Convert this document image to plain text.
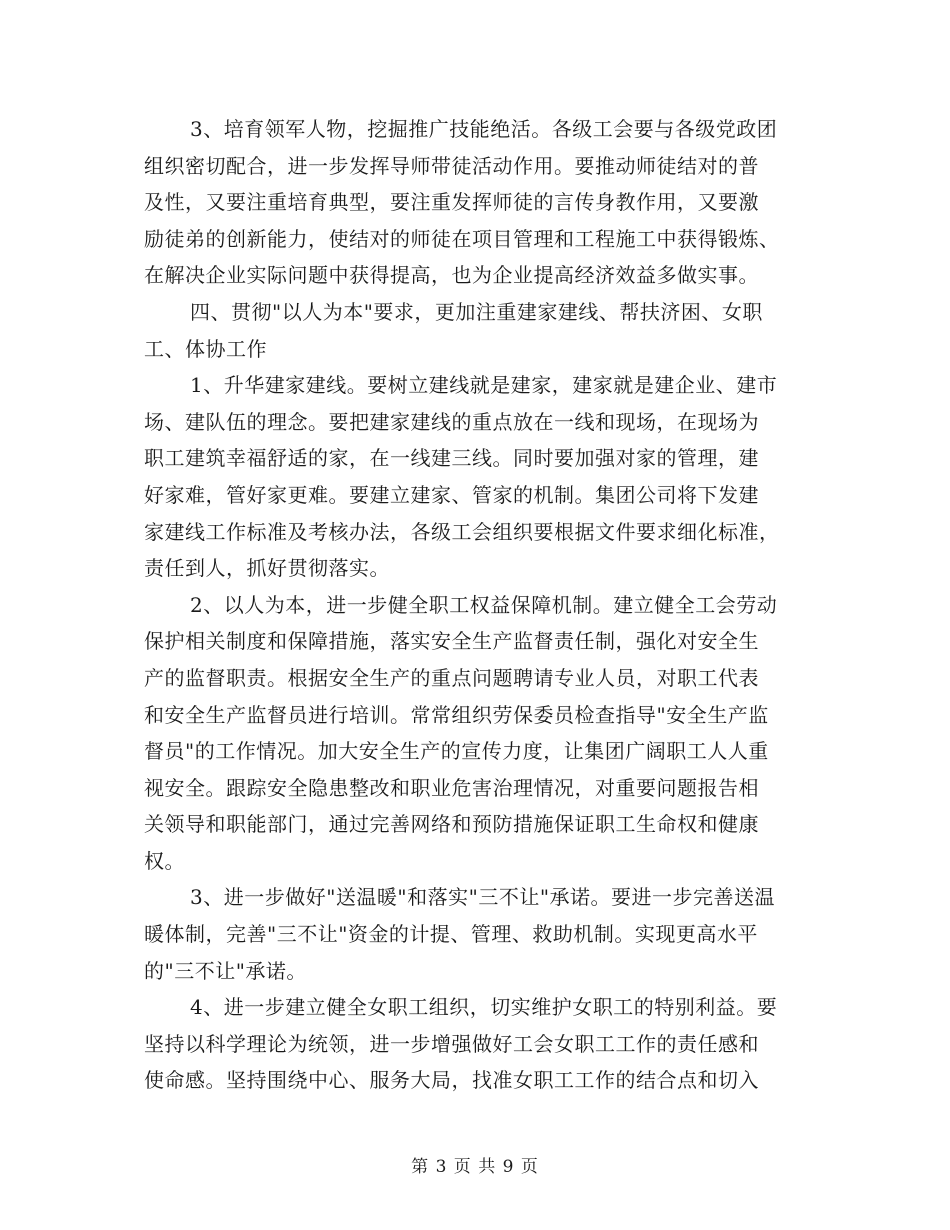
3、培育领军人物，挖掘推广技能绝活。各级工会要与各级党政团
组织密切配合，进一步发挥导师带徒活动作用。要推动师徒结对的普
及性，又要注重培育典型，要注重发挥师徒的言传身教作用，又要激
励徒弟的创新能力，使结对的师徒在项目管理和工程施工中获得锻炼、
在解决企业实际问题中获得提高，也为企业提高经济效益多做实事。

四、贯彻"以人为本"要求，更加注重建家建线、帮扶济困、女职
工、体协工作

1、升华建家建线。要树立建线就是建家，建家就是建企业、建市
场、建队伍的理念。要把建家建线的重点放在一线和现场，在现场为
职工建筑幸福舒适的家，在一线建三线。同时要加强对家的管理，建
好家难，管好家更难。要建立建家、管家的机制。集团公司将下发建
家建线工作标准及考核办法，各级工会组织要根据文件要求细化标准，
责任到人，抓好贯彻落实。

2、以人为本，进一步健全职工权益保障机制。建立健全工会劳动
保护相关制度和保障措施，落实安全生产监督责任制，强化对安全生
产的监督职责。根据安全生产的重点问题聘请专业人员，对职工代表
和安全生产监督员进行培训。常常组织劳保委员检查指导"安全生产监
督员"的工作情况。加大安全生产的宣传力度，让集团广阔职工人人重
视安全。跟踪安全隐患整改和职业危害治理情况，对重要问题报告相
关领导和职能部门，通过完善网络和预防措施保证职工生命权和健康
权。

3、进一步做好"送温暖"和落实"三不让"承诺。要进一步完善送温
暖体制，完善"三不让"资金的计提、管理、救助机制。实现更高水平
的"三不让"承诺。

4、进一步建立健全女职工组织，切实维护女职工的特别利益。要
坚持以科学理论为统领，进一步增强做好工会女职工工作的责任感和
使命感。坚持围绕中心、服务大局，找准女职工工作的结合点和切入

第 3 页 共 9 页
